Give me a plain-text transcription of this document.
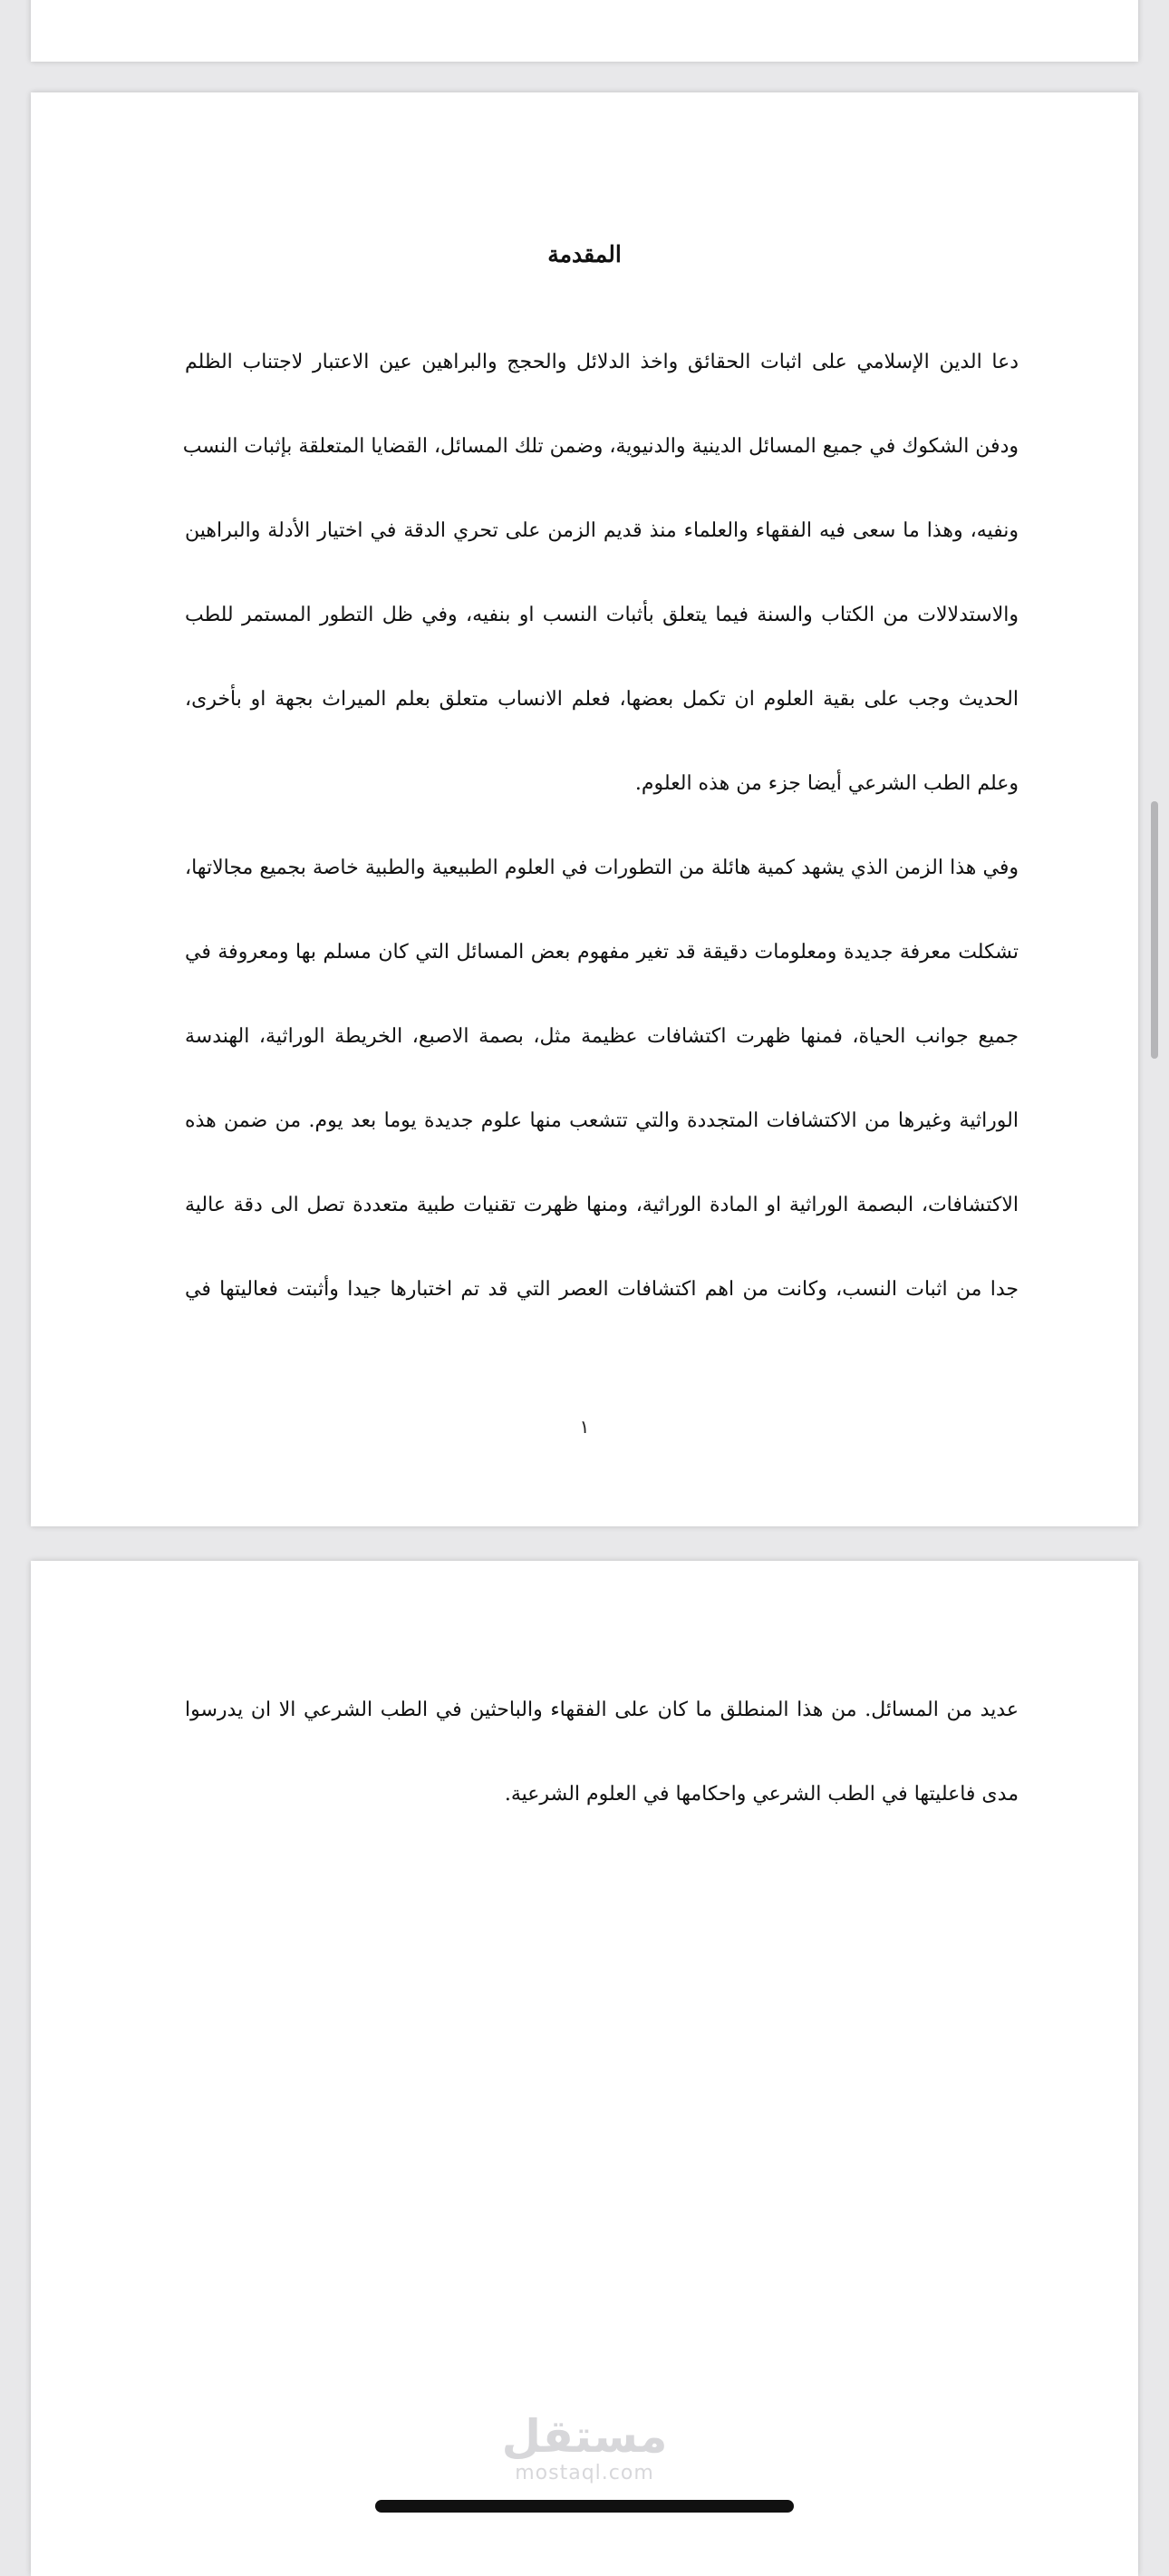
المقدمة
دعا الدين الإسلامي على اثبات الحقائق واخذ الدلائل والحجج والبراهين عين الاعتبار لاجتناب الظلم
ودفن الشكوك في جميع المسائل الدينية والدنيوية، وضمن تلك المسائل، القضايا المتعلقة بإثبات النسب
ونفيه، وهذا ما سعى فيه الفقهاء والعلماء منذ قديم الزمن على تحري الدقة في اختيار الأدلة والبراهين
والاستدلالات من الكتاب والسنة فيما يتعلق بأثبات النسب او بنفيه، وفي ظل التطور المستمر للطب
الحديث وجب على بقية العلوم ان تكمل بعضها، فعلم الانساب متعلق بعلم الميراث بجهة او بأخرى،
وعلم الطب الشرعي أيضا جزء من هذه العلوم.
وفي هذا الزمن الذي يشهد كمية هائلة من التطورات في العلوم الطبيعية والطبية خاصة بجميع مجالاتها،
تشكلت معرفة جديدة ومعلومات دقيقة قد تغير مفهوم بعض المسائل التي كان مسلم بها ومعروفة في
جميع جوانب الحياة، فمنها ظهرت اكتشافات عظيمة مثل، بصمة الاصبع، الخريطة الوراثية، الهندسة
الوراثية وغيرها من الاكتشافات المتجددة والتي تتشعب منها علوم جديدة يوما بعد يوم. من ضمن هذه
الاكتشافات، البصمة الوراثية او المادة الوراثية، ومنها ظهرت تقنيات طبية متعددة تصل الى دقة عالية
جدا من اثبات النسب، وكانت من اهم اكتشافات العصر التي قد تم اختبارها جيدا وأثبتت فعاليتها في
١
عديد من المسائل. من هذا المنطلق ما كان على الفقهاء والباحثين في الطب الشرعي الا ان يدرسوا
مدى فاعليتها في الطب الشرعي واحكامها في العلوم الشرعية.
مستقل
mostaql.com
